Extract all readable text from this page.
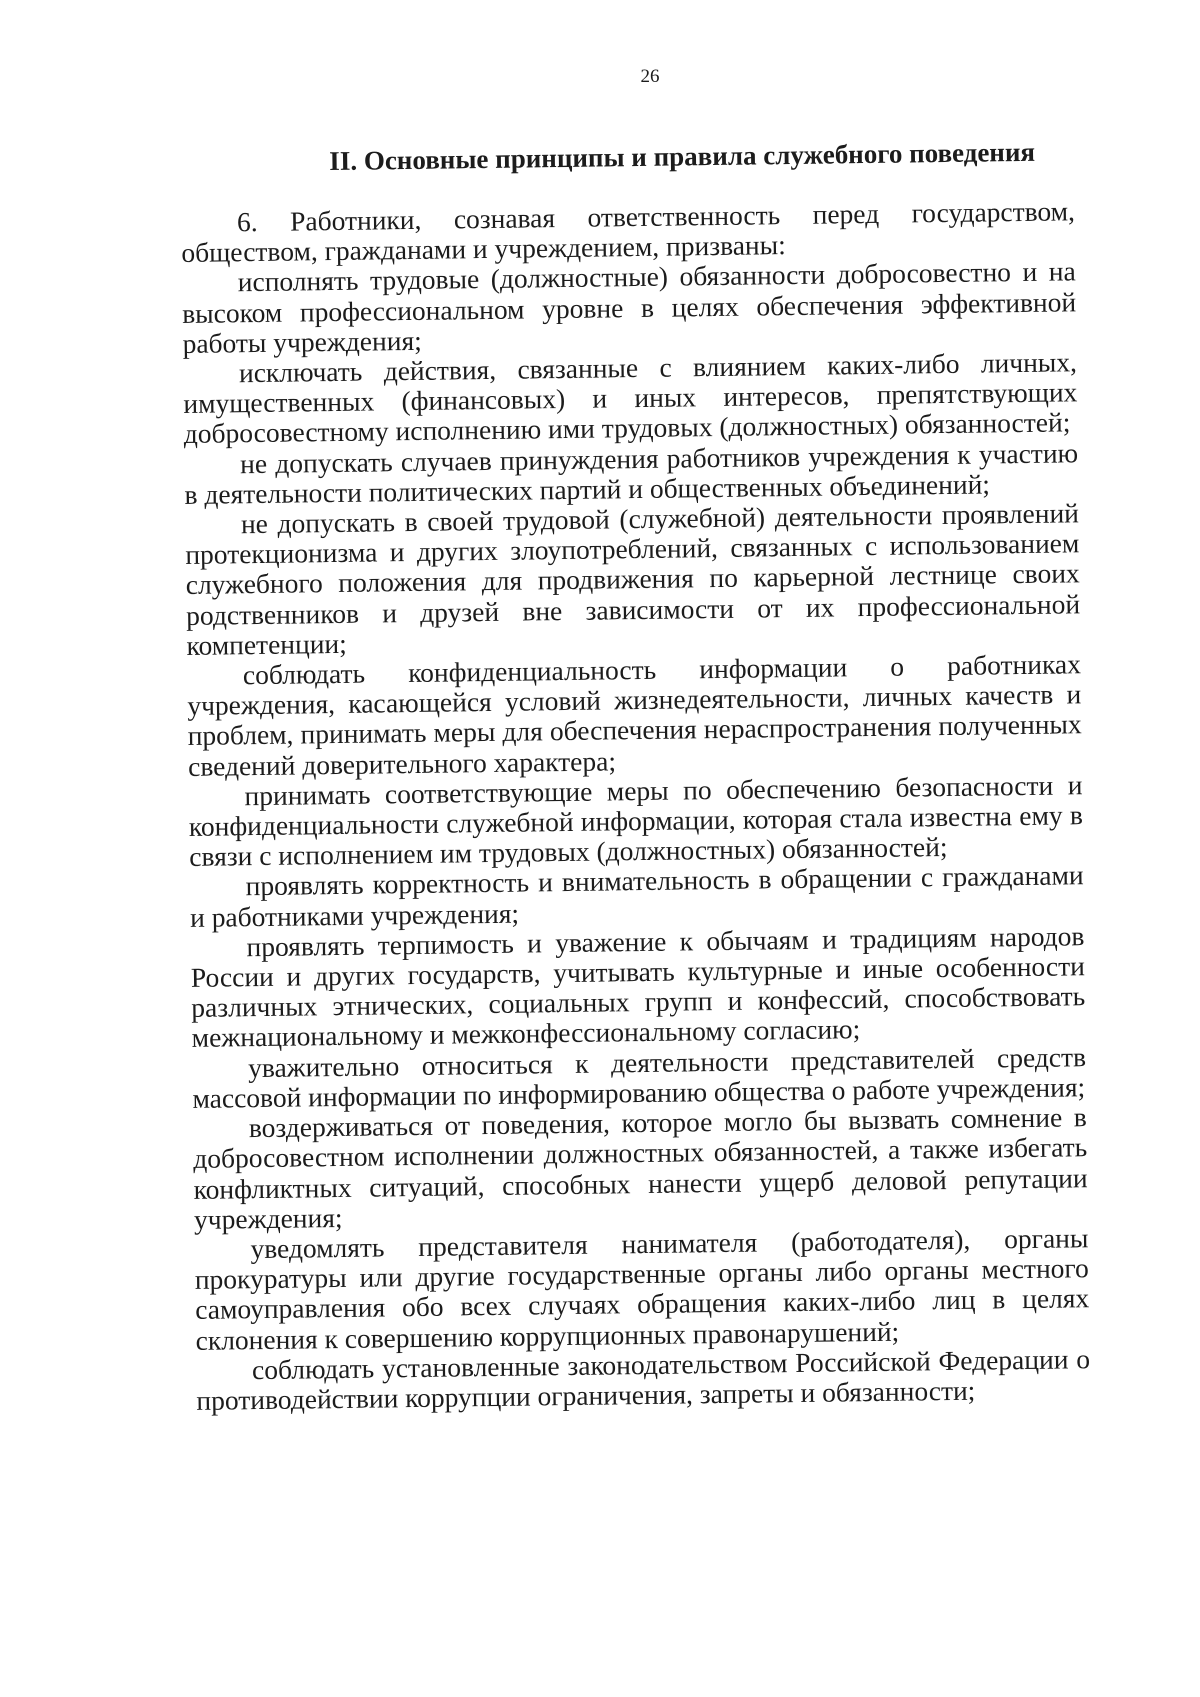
26
II. Основные принципы и правила служебного поведения

6. Работники, сознавая ответственность перед государством, обществом, гражданами и учреждением, призваны:

исполнять трудовые (должностные) обязанности добросовестно и на высоком профессиональном уровне в целях обеспечения эффективной работы учреждения;

исключать действия, связанные с влиянием каких-либо личных, имущественных (финансовых) и иных интересов, препятствующих добросовестному исполнению ими трудовых (должностных) обязанностей;

не допускать случаев принуждения работников учреждения к участию в деятельности политических партий и общественных объединений;

не допускать в своей трудовой (служебной) деятельности проявлений протекционизма и других злоупотреблений, связанных с использованием служебного положения для продвижения по карьерной лестнице своих родственников и друзей вне зависимости от их профессиональной компетенции;

соблюдать конфиденциальность информации о работниках учреждения, касающейся условий жизнедеятельности, личных качеств и проблем, принимать меры для обеспечения нераспространения полученных сведений доверительного характера;

принимать соответствующие меры по обеспечению безопасности и конфиденциальности служебной информации, которая стала известна ему в связи с исполнением им трудовых (должностных) обязанностей;

проявлять корректность и внимательность в обращении с гражданами и работниками учреждения;

проявлять терпимость и уважение к обычаям и традициям народов России и других государств, учитывать культурные и иные особенности различных этнических, социальных групп и конфессий, способствовать межнациональному и межконфессиональному согласию;

уважительно относиться к деятельности представителей средств массовой информации по информированию общества о работе учреждения;

воздерживаться от поведения, которое могло бы вызвать сомнение в добросовестном исполнении должностных обязанностей, а также избегать конфликтных ситуаций, способных нанести ущерб деловой репутации учреждения;

уведомлять представителя нанимателя (работодателя), органы прокуратуры или другие государственные органы либо органы местного самоуправления обо всех случаях обращения каких-либо лиц в целях склонения к совершению коррупционных правонарушений;

соблюдать установленные законодательством Российской Федерации о противодействии коррупции ограничения, запреты и обязанности;
